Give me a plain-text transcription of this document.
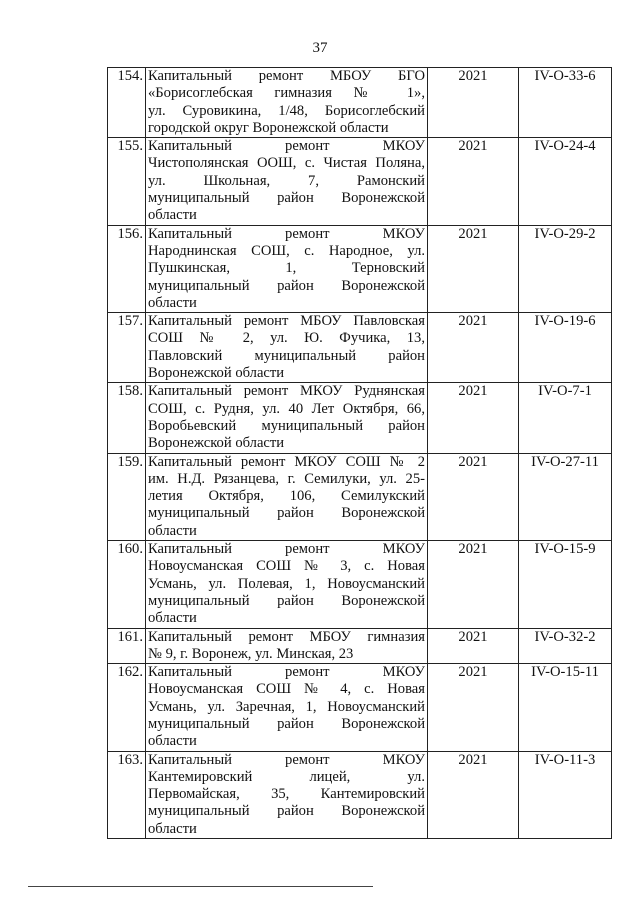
37
154.	Капитальный ремонт МБОУ БГО
«Борисоглебская гимназия № 1»,
ул. Суровикина, 1/48, Борисоглебский
городской округ Воронежской области	2021	IV-O-33-6
155.	Капитальный ремонт МКОУ
Чистополянская ООШ, с. Чистая Поляна,
ул. Школьная, 7, Рамонский
муниципальный район Воронежской
области	2021	IV-O-24-4
156.	Капитальный ремонт МКОУ
Народнинская СОШ, с. Народное, ул.
Пушкинская, 1, Терновский
муниципальный район Воронежской
области	2021	IV-O-29-2
157.	Капитальный ремонт МБОУ Павловская
СОШ № 2, ул. Ю. Фучика, 13,
Павловский муниципальный район
Воронежской области	2021	IV-O-19-6
158.	Капитальный ремонт МКОУ Руднянская
СОШ, с. Рудня, ул. 40 Лет Октября, 66,
Воробьевский муниципальный район
Воронежской области	2021	IV-O-7-1
159.	Капитальный ремонт МКОУ СОШ № 2
им. Н.Д. Рязанцева, г. Семилуки, ул. 25-
летия Октября, 106, Семилукский
муниципальный район Воронежской
области	2021	IV-O-27-11
160.	Капитальный ремонт МКОУ
Новоусманская СОШ № 3, с. Новая
Усмань, ул. Полевая, 1, Новоусманский
муниципальный район Воронежской
области	2021	IV-O-15-9
161.	Капитальный ремонт МБОУ гимназия
№ 9, г. Воронеж, ул. Минская, 23	2021	IV-O-32-2
162.	Капитальный ремонт МКОУ
Новоусманская СОШ № 4, с. Новая
Усмань, ул. Заречная, 1, Новоусманский
муниципальный район Воронежской
области	2021	IV-O-15-11
163.	Капитальный ремонт МКОУ
Кантемировский лицей, ул.
Первомайская, 35, Кантемировский
муниципальный район Воронежской
области	2021	IV-O-11-3
